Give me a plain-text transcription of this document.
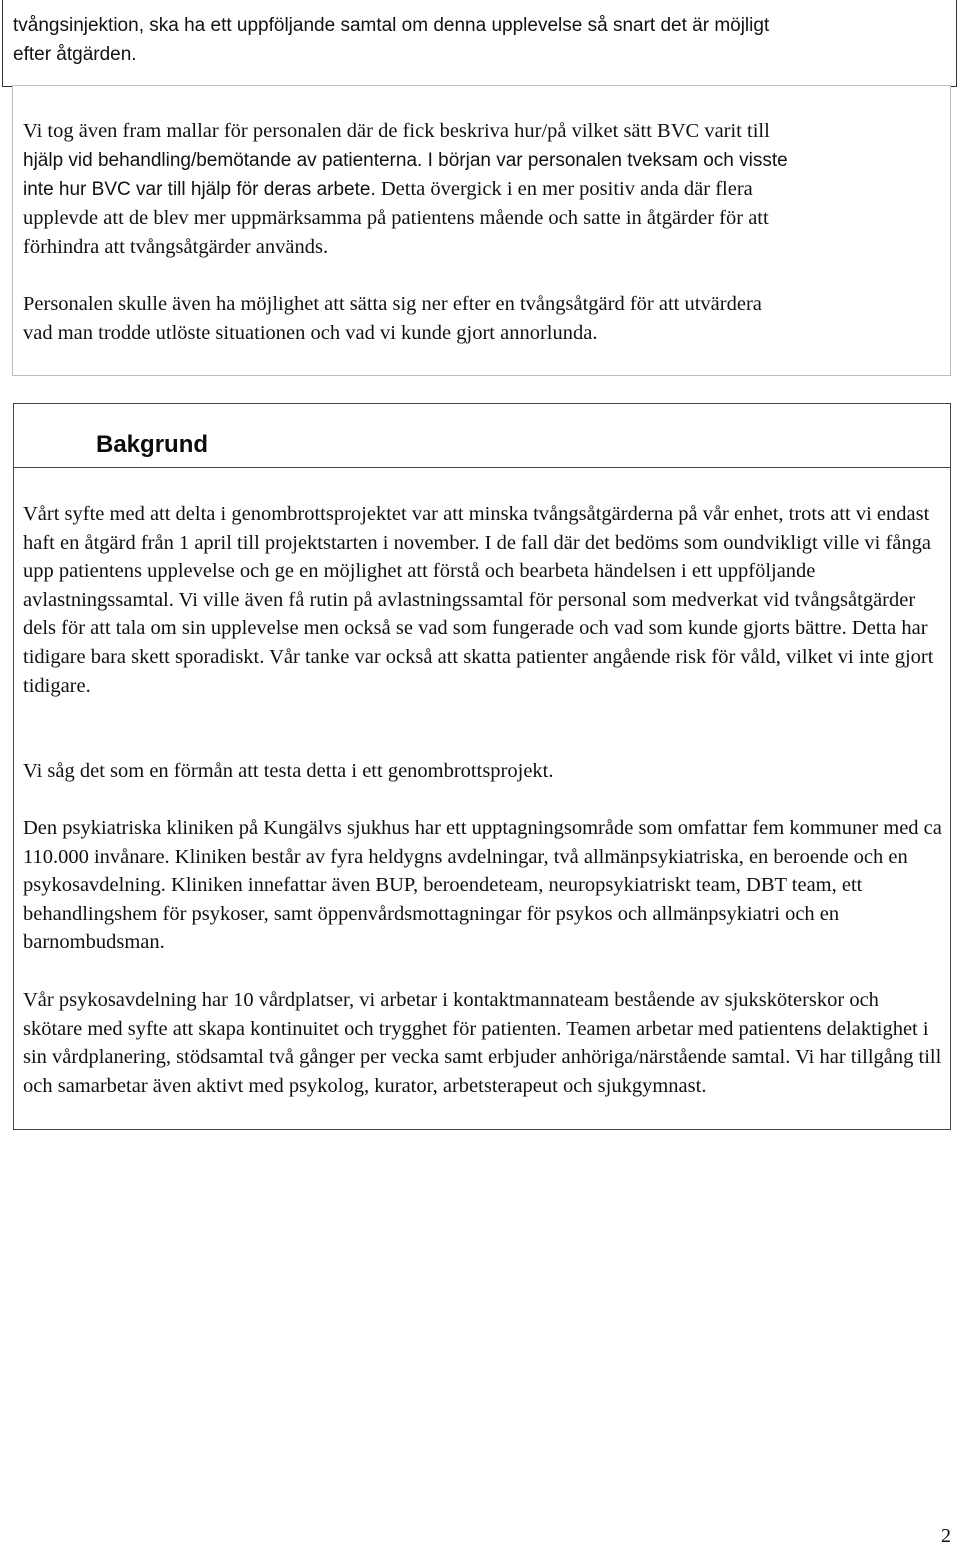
tvångsinjektion, ska ha ett uppföljande samtal om denna upplevelse så snart det är möjligt

efter åtgärden.

Vi tog även fram mallar för personalen där de fick beskriva hur/på vilket sätt BVC varit till

hjälp vid behandling/bemötande av patienterna. I början var personalen tveksam och visste

inte hur BVC var till hjälp för deras arbete. Detta övergick i en mer positiv anda där flera

upplevde att de blev mer uppmärksamma på patientens mående och satte in åtgärder för att

förhindra att tvångsåtgärder används.

Personalen skulle även ha möjlighet att sätta sig ner efter en tvångsåtgärd för att utvärdera

vad man trodde utlöste situationen och vad vi kunde gjort annorlunda.

Bakgrund

Vårt syfte med att delta i genombrottsprojektet var att minska tvångsåtgärderna på vår enhet, trots att vi endast haft en åtgärd från 1 april till projektstarten i november. I de fall där det bedöms som oundvikligt ville vi fånga upp patientens upplevelse och ge en möjlighet att förstå och bearbeta händelsen i ett uppföljande avlastningssamtal. Vi ville även få rutin på avlastningssamtal för personal som medverkat vid tvångsåtgärder dels för att tala om sin upplevelse men också se vad som fungerade och vad som kunde gjorts bättre. Detta har tidigare bara skett sporadiskt. Vår tanke var också att skatta patienter angående risk för våld, vilket vi inte gjort tidigare.

Vi såg det som en förmån att testa detta i ett genombrottsprojekt.

Den psykiatriska kliniken på Kungälvs sjukhus har ett upptagningsområde som omfattar fem kommuner med ca 110.000 invånare. Kliniken består av fyra heldygns avdelningar, två allmänpsykiatriska, en beroende och en psykosavdelning. Kliniken innefattar även BUP, beroendeteam, neuropsykiatriskt team, DBT team, ett behandlingshem för psykoser, samt öppenvårdsmottagningar för psykos och allmänpsykiatri och en barnombudsman.

Vår psykosavdelning har 10 vårdplatser, vi arbetar i kontaktmannateam bestående av sjuksköterskor och skötare med syfte att skapa kontinuitet och trygghet för patienten. Teamen arbetar med patientens delaktighet i sin vårdplanering, stödsamtal två gånger per vecka samt erbjuder anhöriga/närstående samtal. Vi har tillgång till och samarbetar även aktivt med psykolog, kurator, arbetsterapeut och sjukgymnast.

2
